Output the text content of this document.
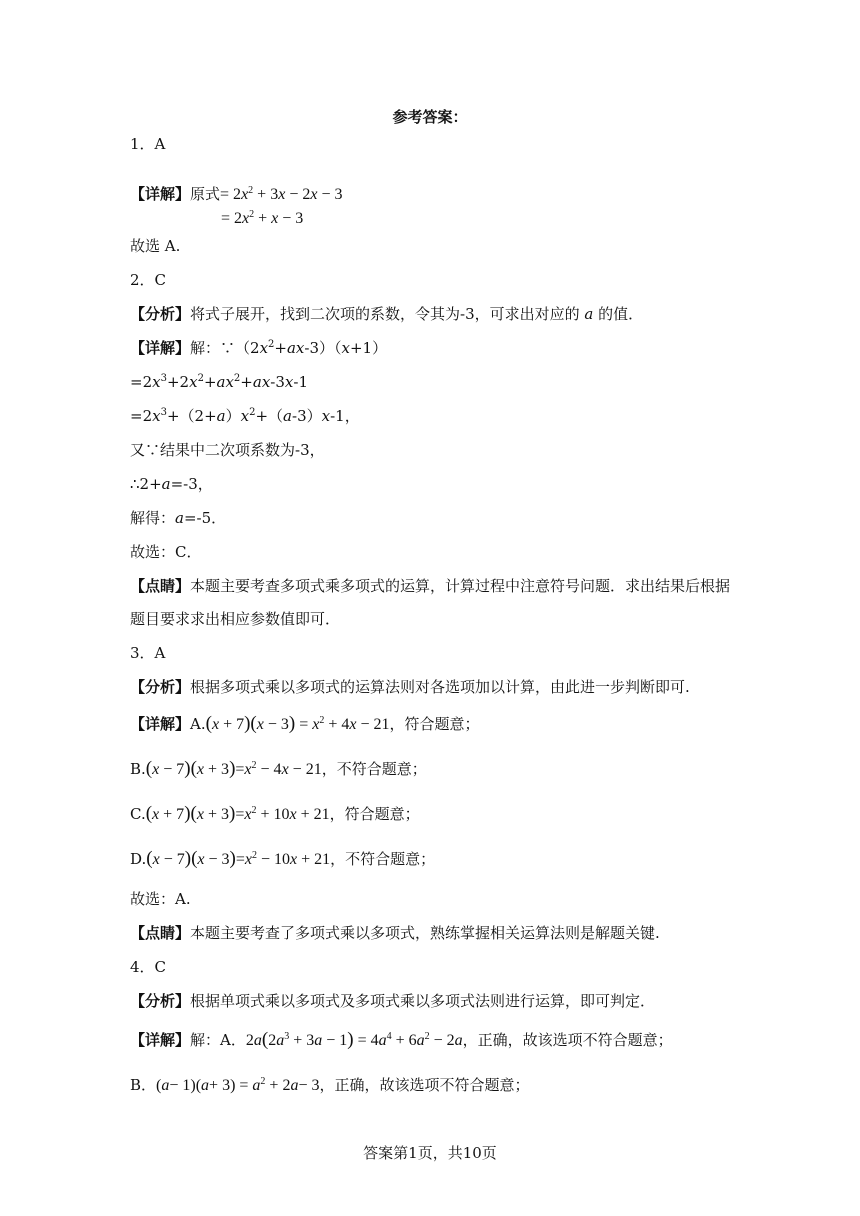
参考答案：
1．A
【详解】原式= $2x^2 + 3x - 2x - 3$
= $2x^2 + x - 3$
故选 A.
2．C
【分析】将式子展开，找到二次项的系数，令其为-3，可求出对应的 a 的值．
【详解】解：$\because(2x^2+ax-3)(x+1)$
$=2x^3+2x^2+ax^2+ax-3x-1$
$=2x^3+(2+a)x^2+(a-3)x-1$，
又∵结果中二次项系数为-3，
∴2+a=-3，
解得：a=-5．
故选：C．
【点睛】本题主要考查多项式乘多项式的运算，计算过程中注意符号问题．求出结果后根据
题目要求求出相应参数值即可．
3．A
【分析】根据多项式乘以多项式的运算法则对各选项加以计算，由此进一步判断即可.
【详解】$A.(x + 7)(x - 3) = x^2 + 4x - 21$，符合题意；
$B.(x - 7)(x + 3)=x^2 - 4x - 21$，不符合题意；
$C.(x + 7)(x + 3)=x^2 + 10x + 21$，符合题意；
$D.(x - 7)(x - 3)=x^2 - 10x + 21$，不符合题意；
故选：A.
【点睛】本题主要考查了多项式乘以多项式，熟练掌握相关运算法则是解题关键.
4．C
【分析】根据单项式乘以多项式及多项式乘以多项式法则进行运算，即可判定．
【详解】解：A．$2a(2a^3 + 3a - 1) = 4a^4 + 6a^2 - 2a$，正确，故该选项不符合题意；
B．$(a- 1)(a+ 3) = a^2 + 2a- 3$，正确，故该选项不符合题意；
答案第1页，共10页
